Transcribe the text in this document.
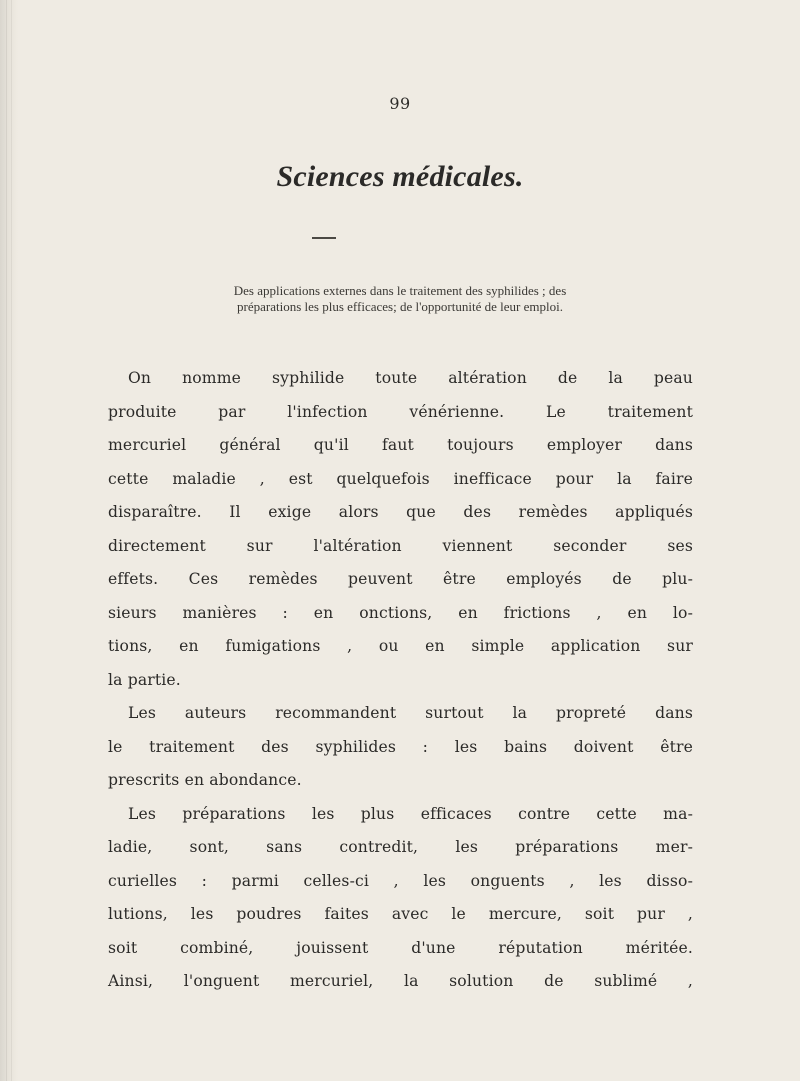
99
Sciences médicales.
Des applications externes dans le traitement des syphilides ; des
préparations les plus efficaces; de l'opportunité de leur emploi.
On nomme syphilide toute altération de la peau
produite par l'infection vénérienne. Le traitement
mercuriel général qu'il faut toujours employer dans
cette maladie , est quelquefois inefficace pour la faire
disparaître. Il exige alors que des remèdes appliqués
directement sur l'altération viennent seconder ses
effets. Ces remèdes peuvent être employés de plu-
sieurs manières : en onctions, en frictions , en lo-
tions, en fumigations , ou en simple application sur
la partie.
Les auteurs recommandent surtout la propreté dans
le traitement des syphilides : les bains doivent être
prescrits en abondance.
Les préparations les plus efficaces contre cette ma-
ladie, sont, sans contredit, les préparations mer-
curielles : parmi celles-ci , les onguents , les disso-
lutions, les poudres faites avec le mercure, soit pur ,
soit combiné, jouissent d'une réputation méritée.
Ainsi, l'onguent mercuriel, la solution de sublimé ,
